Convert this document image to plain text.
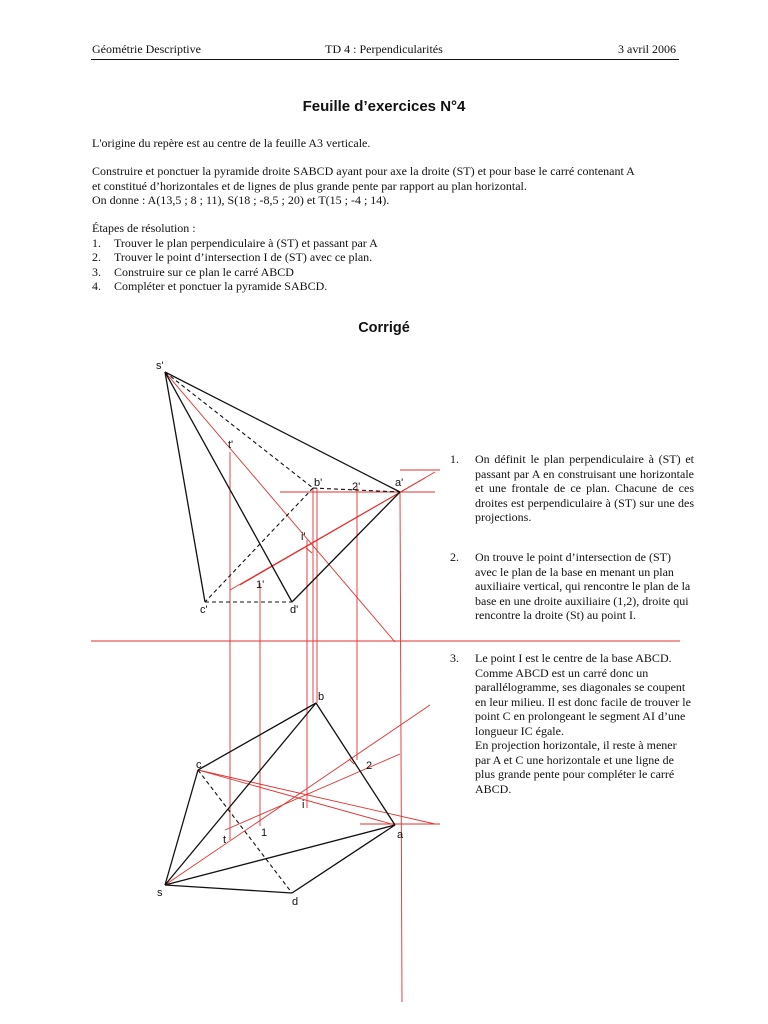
Géométrie Descriptive	TD 4 : Perpendicularités	3 avril 2006
Feuille d’exercices N°4

L'origine du repère est au centre de la feuille A3 verticale.

Construire et ponctuer la pyramide droite SABCD ayant pour axe la droite (ST) et pour base le carré contenant A

et constitué d’horizontales et de lignes de plus grande pente par rapport au plan horizontal.

On donne : A(13,5 ; 8 ; 11), S(18 ; -8,5 ; 20) et T(15 ; -4 ; 14).

Étapes de résolution :
1.	Trouver le plan perpendiculaire à (ST) et passant par A
2.	Trouver le point d’intersection I de (ST) avec ce plan.
3.	Construire sur ce plan le carré ABCD
4.	Compléter et ponctuer la pyramide SABCD.
Corrigé
1.	On définit le plan perpendiculaire à (ST) et passant par A en construisant une horizontale et une frontale de ce plan. Chacune de ces droites est perpendiculaire à (ST) sur une des projections.
2.	On trouve le point d’intersection de (ST) avec le plan de la base en menant un plan auxiliaire vertical, qui rencontre le plan de la base en une droite auxiliaire (1,2), droite qui rencontre la droite (St) au point I.
3.	Le point I est le centre de la base ABCD. Comme ABCD est un carré donc un parallélogramme, ses diagonales se coupent en leur milieu. Il est donc facile de trouver le point C en prolongeant le segment AI d’une longueur IC égale.
En projection horizontale, il reste à mener par A et C une horizontale et une ligne de plus grande pente pour compléter le carré ABCD.
s'
t'
b'	2'	a'
i'
1'
c'	d'
b
c	2
i
1	a
t
s
d
